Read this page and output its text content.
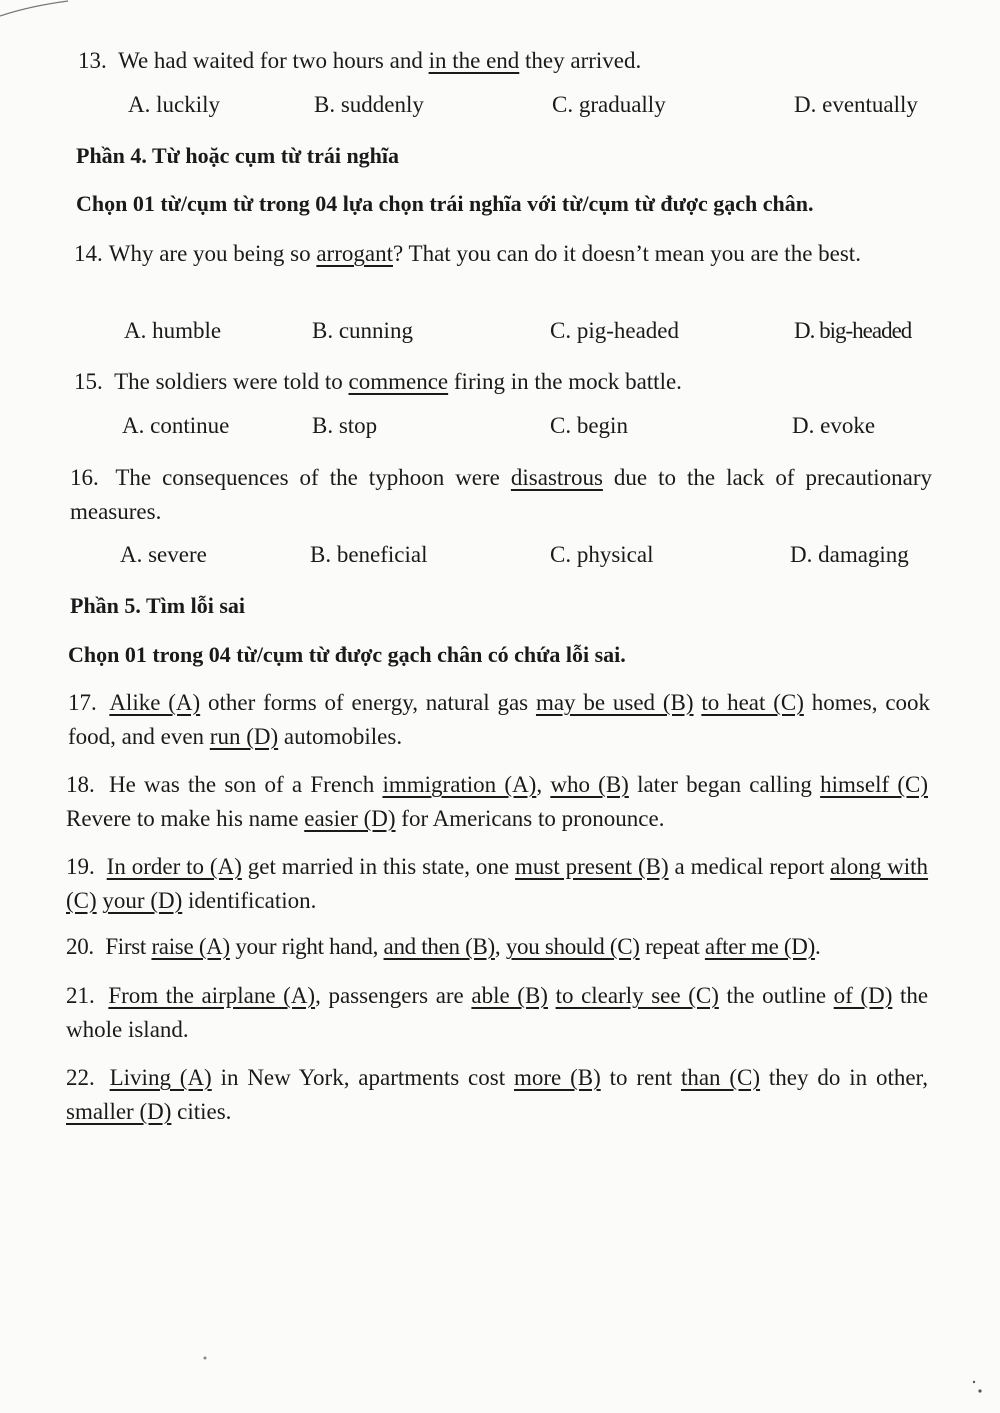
13. We had waited for two hours and in the end they arrived.
A. luckily	B. suddenly	C. gradually	D. eventually
Phần 4. Từ hoặc cụm từ trái nghĩa
Chọn 01 từ/cụm từ trong 04 lựa chọn trái nghĩa với từ/cụm từ được gạch chân.
14. Why are you being so arrogant? That you can do it doesn’t mean you are the best.
A. humble	B. cunning	C. pig-headed	D. big-headed
15. The soldiers were told to commence firing in the mock battle.
A. continue	B. stop	C. begin	D. evoke
16. The consequences of the typhoon were disastrous due to the lack of precautionary measures.
A. severe	B. beneficial	C. physical	D. damaging
Phần 5. Tìm lỗi sai
Chọn 01 trong 04 từ/cụm từ được gạch chân có chứa lỗi sai.
17. Alike (A) other forms of energy, natural gas may be used (B) to heat (C) homes, cook food, and even run (D) automobiles.
18. He was the son of a French immigration (A), who (B) later began calling himself (C) Revere to make his name easier (D) for Americans to pronounce.
19. In order to (A) get married in this state, one must present (B) a medical report along with (C) your (D) identification.
20. First raise (A) your right hand, and then (B), you should (C) repeat after me (D).
21. From the airplane (A), passengers are able (B) to clearly see (C) the outline of (D) the whole island.
22. Living (A) in New York, apartments cost more (B) to rent than (C) they do in other, smaller (D) cities.
